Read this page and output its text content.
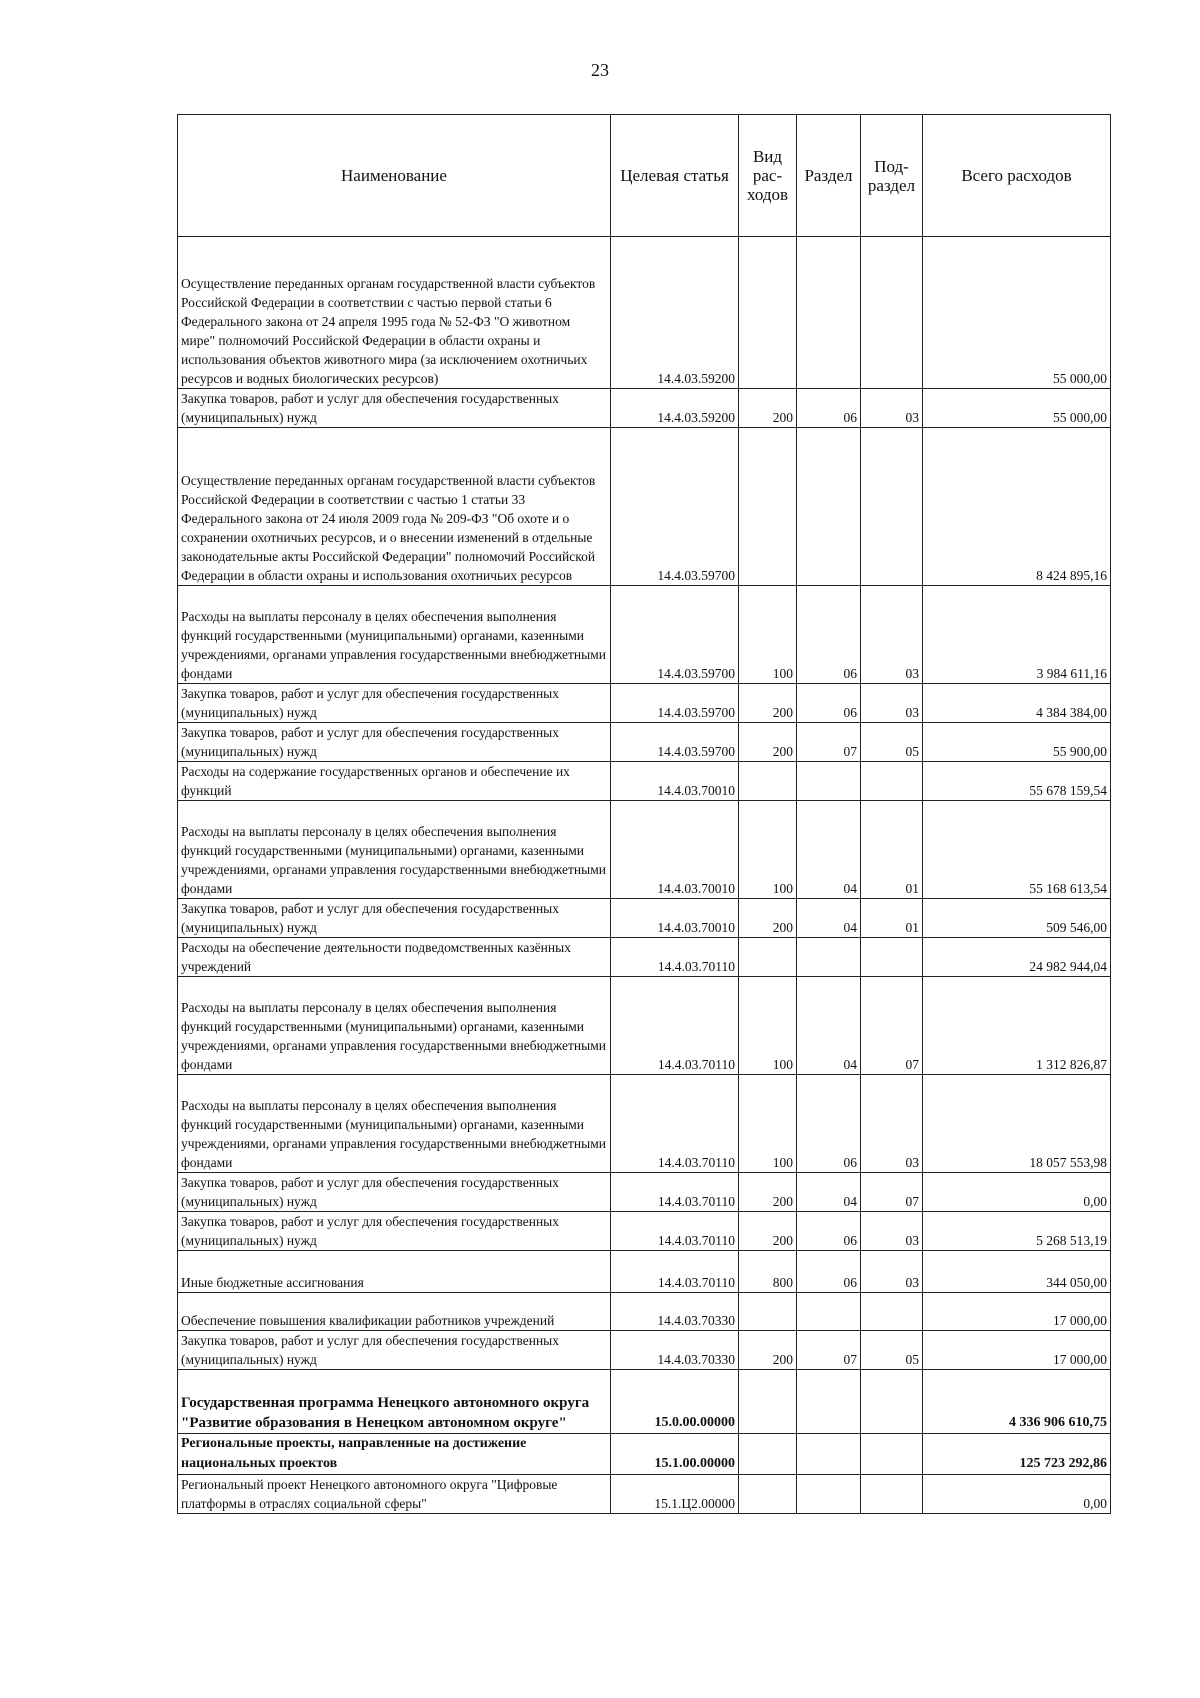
23
Наименование	Целевая статья	Вид рас-ходов	Раздел	Под-раздел	Всего расходов
Осуществление переданных органам государственной власти субъектов Российской Федерации в соответствии с частью первой статьи 6 Федерального закона от 24 апреля 1995 года № 52-ФЗ "О животном мире" полномочий Российской Федерации в области охраны и использования объектов животного мира (за исключением охотничьих ресурсов и водных биологических ресурсов)	14.4.03.59200				55 000,00
Закупка товаров, работ и услуг для обеспечения государственных (муниципальных) нужд	14.4.03.59200	200	06	03	55 000,00
Осуществление переданных органам государственной власти субъектов Российской Федерации в соответствии с частью 1 статьи 33 Федерального закона от 24 июля 2009 года № 209-ФЗ "Об охоте и о сохранении охотничьих ресурсов, и о внесении изменений в отдельные законодательные акты Российской Федерации" полномочий Российской Федерации в области охраны и использования охотничьих ресурсов	14.4.03.59700				8 424 895,16
Расходы на выплаты персоналу в целях обеспечения выполнения функций государственными (муниципальными) органами, казенными учреждениями, органами управления государственными внебюджетными фондами	14.4.03.59700	100	06	03	3 984 611,16
Закупка товаров, работ и услуг для обеспечения государственных (муниципальных) нужд	14.4.03.59700	200	06	03	4 384 384,00
Закупка товаров, работ и услуг для обеспечения государственных (муниципальных) нужд	14.4.03.59700	200	07	05	55 900,00
Расходы на содержание государственных органов и обеспечение их функций	14.4.03.70010				55 678 159,54
Расходы на выплаты персоналу в целях обеспечения выполнения функций государственными (муниципальными) органами, казенными учреждениями, органами управления государственными внебюджетными фондами	14.4.03.70010	100	04	01	55 168 613,54
Закупка товаров, работ и услуг для обеспечения государственных (муниципальных) нужд	14.4.03.70010	200	04	01	509 546,00
Расходы на обеспечение деятельности подведомственных казённых учреждений	14.4.03.70110				24 982 944,04
Расходы на выплаты персоналу в целях обеспечения выполнения функций государственными (муниципальными) органами, казенными учреждениями, органами управления государственными внебюджетными фондами	14.4.03.70110	100	04	07	1 312 826,87
Расходы на выплаты персоналу в целях обеспечения выполнения функций государственными (муниципальными) органами, казенными учреждениями, органами управления государственными внебюджетными фондами	14.4.03.70110	100	06	03	18 057 553,98
Закупка товаров, работ и услуг для обеспечения государственных (муниципальных) нужд	14.4.03.70110	200	04	07	0,00
Закупка товаров, работ и услуг для обеспечения государственных (муниципальных) нужд	14.4.03.70110	200	06	03	5 268 513,19
Иные бюджетные ассигнования	14.4.03.70110	800	06	03	344 050,00
Обеспечение повышения квалификации работников учреждений	14.4.03.70330				17 000,00
Закупка товаров, работ и услуг для обеспечения государственных (муниципальных) нужд	14.4.03.70330	200	07	05	17 000,00
Государственная программа Ненецкого автономного округа "Развитие образования в Ненецком автономном округе"	15.0.00.00000				4 336 906 610,75
Региональные проекты, направленные на достижение национальных проектов	15.1.00.00000				125 723 292,86
Региональный проект Ненецкого автономного округа "Цифровые платформы в отраслях социальной сферы"	15.1.Ц2.00000				0,00
